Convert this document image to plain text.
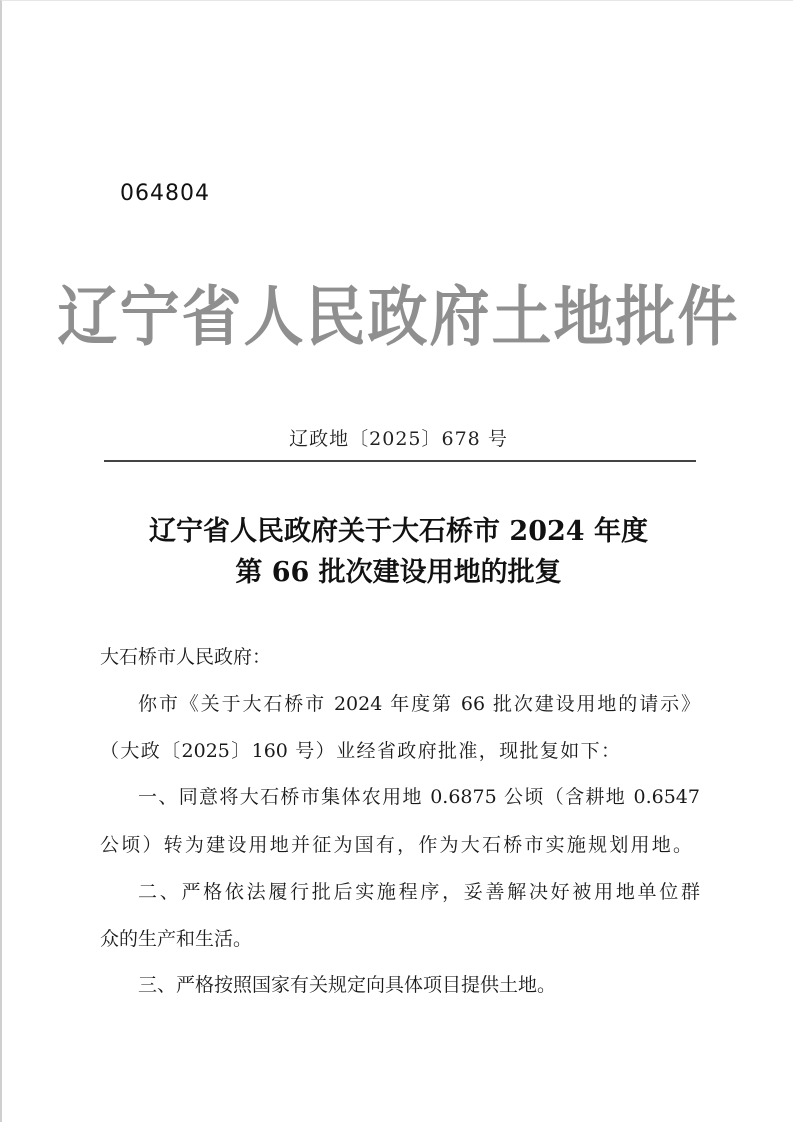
064804
辽宁省人民政府土地批件
辽政地〔2025〕678 号
辽宁省人民政府关于大石桥市 2024 年度
第 66 批次建设用地的批复
大石桥市人民政府：
你市《关于大石桥市 2024 年度第 66 批次建设用地的请示》
（大政〔2025〕160 号）业经省政府批准，现批复如下：
一、同意将大石桥市集体农用地 0.6875 公顷（含耕地 0.6547
公顷）转为建设用地并征为国有，作为大石桥市实施规划用地。
二、严格依法履行批后实施程序，妥善解决好被用地单位群
众的生产和生活。
三、严格按照国家有关规定向具体项目提供土地。
